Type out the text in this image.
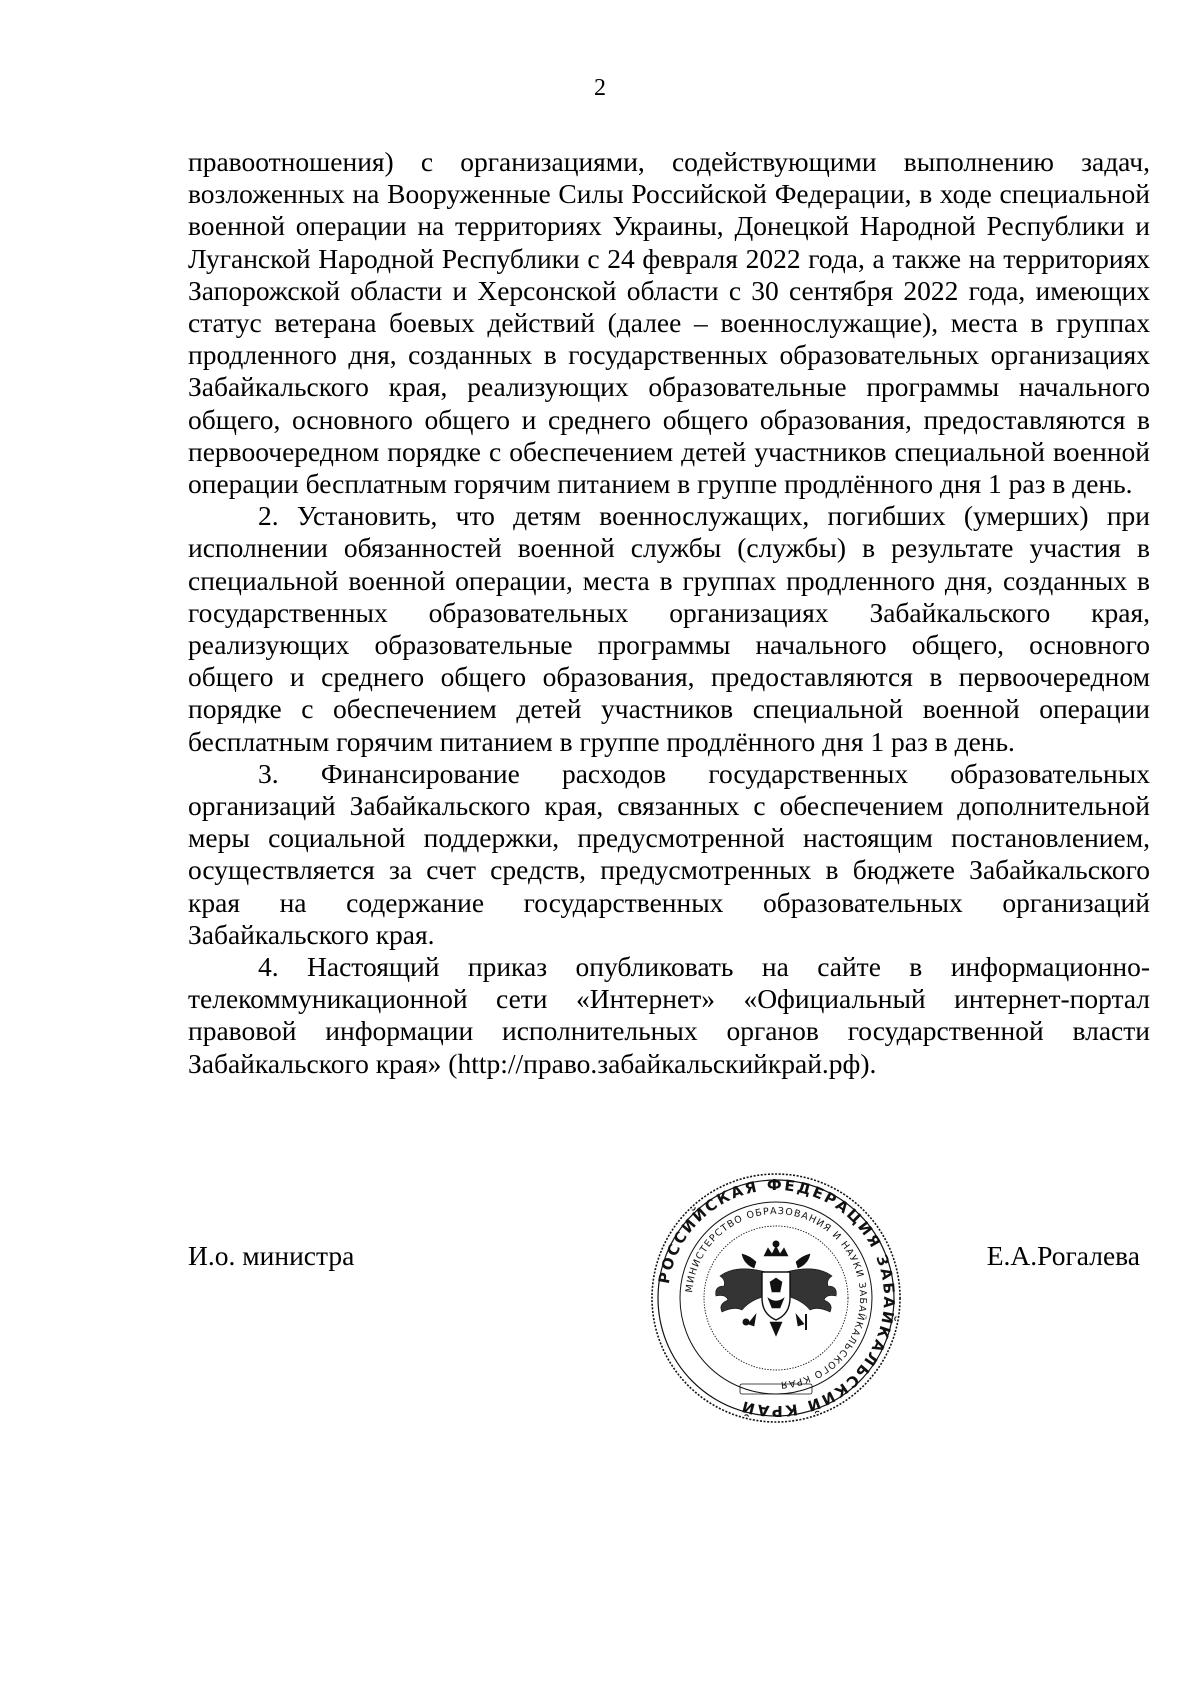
2

правоотношения) с организациями, содействующими выполнению задач, возложенных на Вооруженные Силы Российской Федерации, в ходе специальной военной операции на территориях Украины, Донецкой Народной Республики и Луганской Народной Республики с 24 февраля 2022 года, а также на территориях Запорожской области и Херсонской области с 30 сентября 2022 года, имеющих статус ветерана боевых действий (далее – военнослужащие), места в группах продленного дня, созданных в государственных образовательных организациях Забайкальского края, реализующих образовательные программы начального общего, основного общего и среднего общего образования, предоставляются в первоочередном порядке с обеспечением детей участников специальной военной операции бесплатным горячим питанием в группе продлённого дня 1 раз в день.

2. Установить, что детям военнослужащих, погибших (умерших) при исполнении обязанностей военной службы (службы) в результате участия в специальной военной операции, места в группах продленного дня, созданных в государственных образовательных организациях Забайкальского края, реализующих образовательные программы начального общего, основного общего и среднего общего образования, предоставляются в первоочередном порядке с обеспечением детей участников специальной военной операции бесплатным горячим питанием в группе продлённого дня 1 раз в день.

3. Финансирование расходов государственных образовательных организаций Забайкальского края, связанных с обеспечением дополнительной меры социальной поддержки, предусмотренной настоящим постановлением, осуществляется за счет средств, предусмотренных в бюджете Забайкальского края на содержание государственных образовательных организаций Забайкальского края.

4. Настоящий приказ опубликовать на сайте в информационно-телекоммуникационной сети «Интернет» «Официальный интернет-портал правовой информации исполнительных органов государственной власти Забайкальского края» (http://право.забайкальскийкрай.рф).

И.о. министра	Е.А.Рогалева
РОССИЙСКАЯ ФЕДЕРАЦИЯ ЗАБАЙКАЛЬСКИЙ КРАЙ
МИНИСТЕРСТВО ОБРАЗОВАНИЯ И НАУКИ ЗАБАЙКАЛЬСКОГО КРАЯ
